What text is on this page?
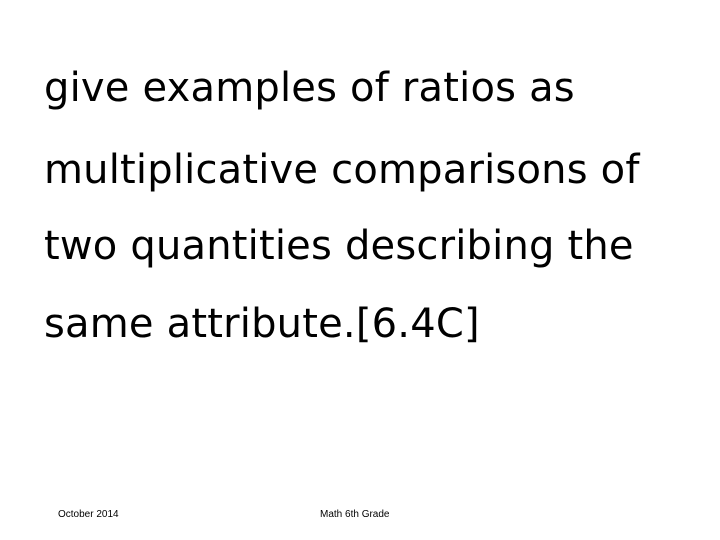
give examples of ratios as
multiplicative comparisons of
two quantities describing the
same attribute.[6.4C]
October 2014	Math 6th Grade
